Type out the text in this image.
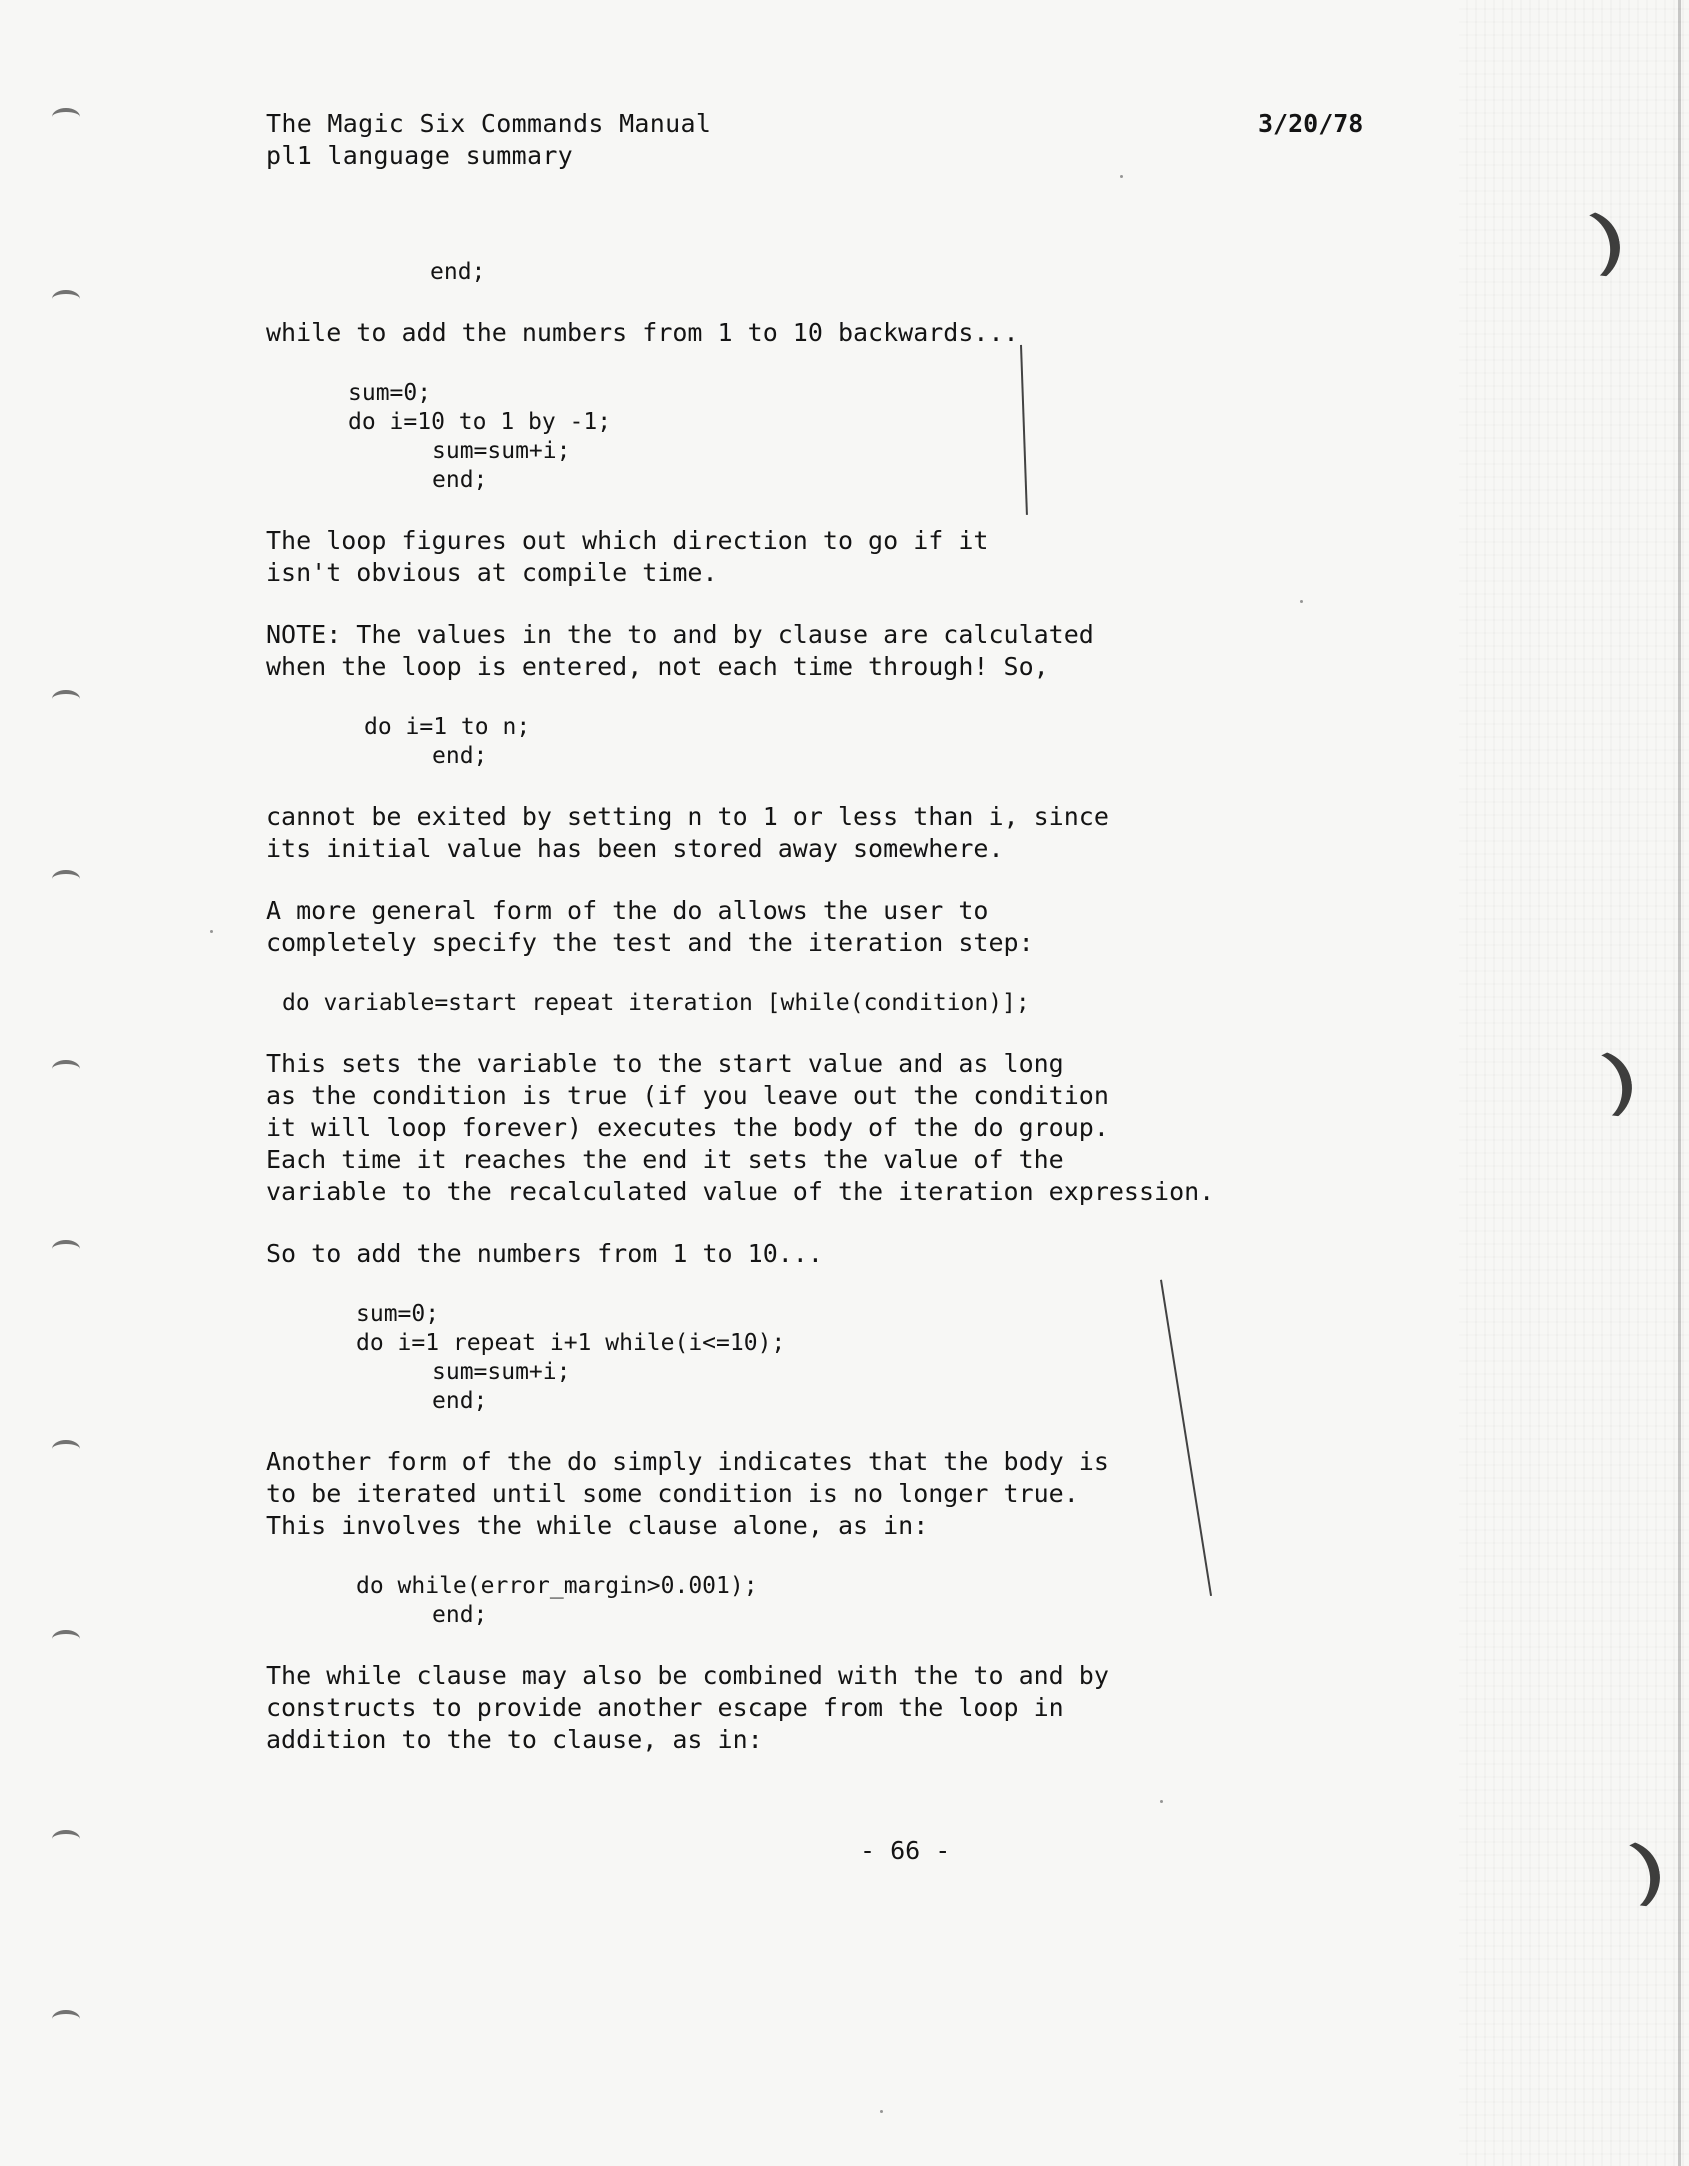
The Magic Six Commands Manual
pl1 language summary
3/20/78
end;
while to add the numbers from 1 to 10 backwards...
sum=0;
do i=10 to 1 by -1;
sum=sum+i;
end;
The loop figures out which direction to go if it
isn't obvious at compile time.
NOTE: The values in the to and by clause are calculated
when the loop is entered, not each time through! So,
do i=1 to n;
end;
cannot be exited by setting n to 1 or less than i, since
its initial value has been stored away somewhere.
A more general form of the do allows the user to
completely specify the test and the iteration step:
do variable=start repeat iteration [while(condition)];
This sets the variable to the start value and as long
as the condition is true (if you leave out the condition
it will loop forever) executes the body of the do group.
Each time it reaches the end it sets the value of the
variable to the recalculated value of the iteration expression.
So to add the numbers from 1 to 10...
sum=0;
do i=1 repeat i+1 while(i<=10);
sum=sum+i;
end;
Another form of the do simply indicates that the body is
to be iterated until some condition is no longer true.
This involves the while clause alone, as in:
do while(error_margin>0.001);
end;
The while clause may also be combined with the to and by
constructs to provide another escape from the loop in
addition to the to clause, as in:
- 66 -
